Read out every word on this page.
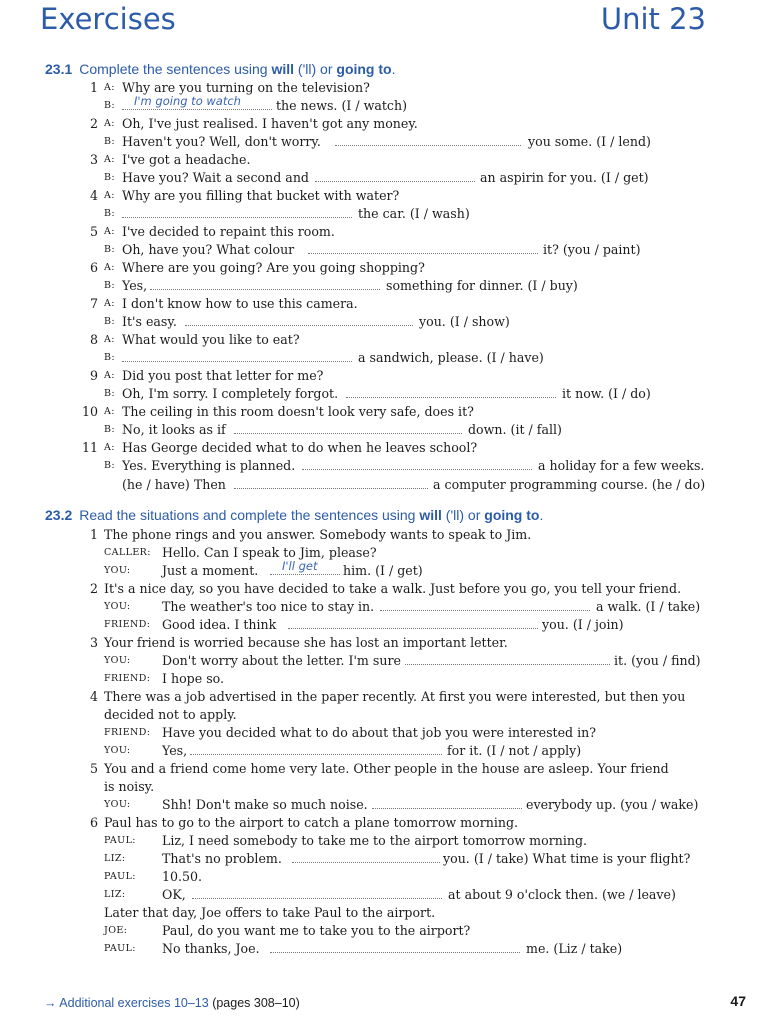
Exercises	Unit 23
23.1 Complete the sentences using will ('ll) or going to.
23.2 Read the situations and complete the sentences using will ('ll) or going to.
1 A: Why are you turning on the television?
B: I'm going to watch	the news. (I / watch)
2 A: Oh, I've just realised. I haven't got any money.
B: Haven't you? Well, don't worry.	you some. (I / lend)
3 A: I've got a headache.
B: Have you? Wait a second and	an aspirin for you. (I / get)
4 A: Why are you filling that bucket with water?
B:	the car. (I / wash)
5 A: I've decided to repaint this room.
B: Oh, have you? What colour	it? (you / paint)
6 A: Where are you going? Are you going shopping?
B: Yes,	something for dinner. (I / buy)
7 A: I don't know how to use this camera.
B: It's easy.	you. (I / show)
8 A: What would you like to eat?
B:	a sandwich, please. (I / have)
9 A: Did you post that letter for me?
B: Oh, I'm sorry. I completely forgot.	it now. (I / do)
10 A: The ceiling in this room doesn't look very safe, does it?
B: No, it looks as if	down. (it / fall)
11 A: Has George decided what to do when he leaves school?
B: Yes. Everything is planned.	a holiday for a few weeks.
(he / have) Then	a computer programming course. (he / do)
1 The phone rings and you answer. Somebody wants to speak to Jim.
CALLER: Hello. Can I speak to Jim, please?
YOU: Just a moment. I'll get him. (I / get)
2 It's a nice day, so you have decided to take a walk. Just before you go, you tell your friend.
YOU: The weather's too nice to stay in.	a walk. (I / take)
FRIEND: Good idea. I think	you. (I / join)
3 Your friend is worried because she has lost an important letter.
YOU: Don't worry about the letter. I'm sure	it. (you / find)
FRIEND: I hope so.
4 There was a job advertised in the paper recently. At first you were interested, but then you
decided not to apply.
FRIEND: Have you decided what to do about that job you were interested in?
YOU: Yes,	for it. (I / not / apply)
5 You and a friend come home very late. Other people in the house are asleep. Your friend
is noisy.
YOU: Shh! Don't make so much noise.	everybody up. (you / wake)
6 Paul has to go to the airport to catch a plane tomorrow morning.
PAUL: Liz, I need somebody to take me to the airport tomorrow morning.
LIZ:	That's no problem.	you. (I / take) What time is your flight?
PAUL: 10.50.
LIZ:	OK,	at about 9 o'clock then. (we / leave)
Later that day, Joe offers to take Paul to the airport.
JOE:	Paul, do you want me to take you to the airport?
PAUL: No thanks, Joe.	me. (Liz / take)
→ Additional exercises 10–13 (pages 308–10)	47
